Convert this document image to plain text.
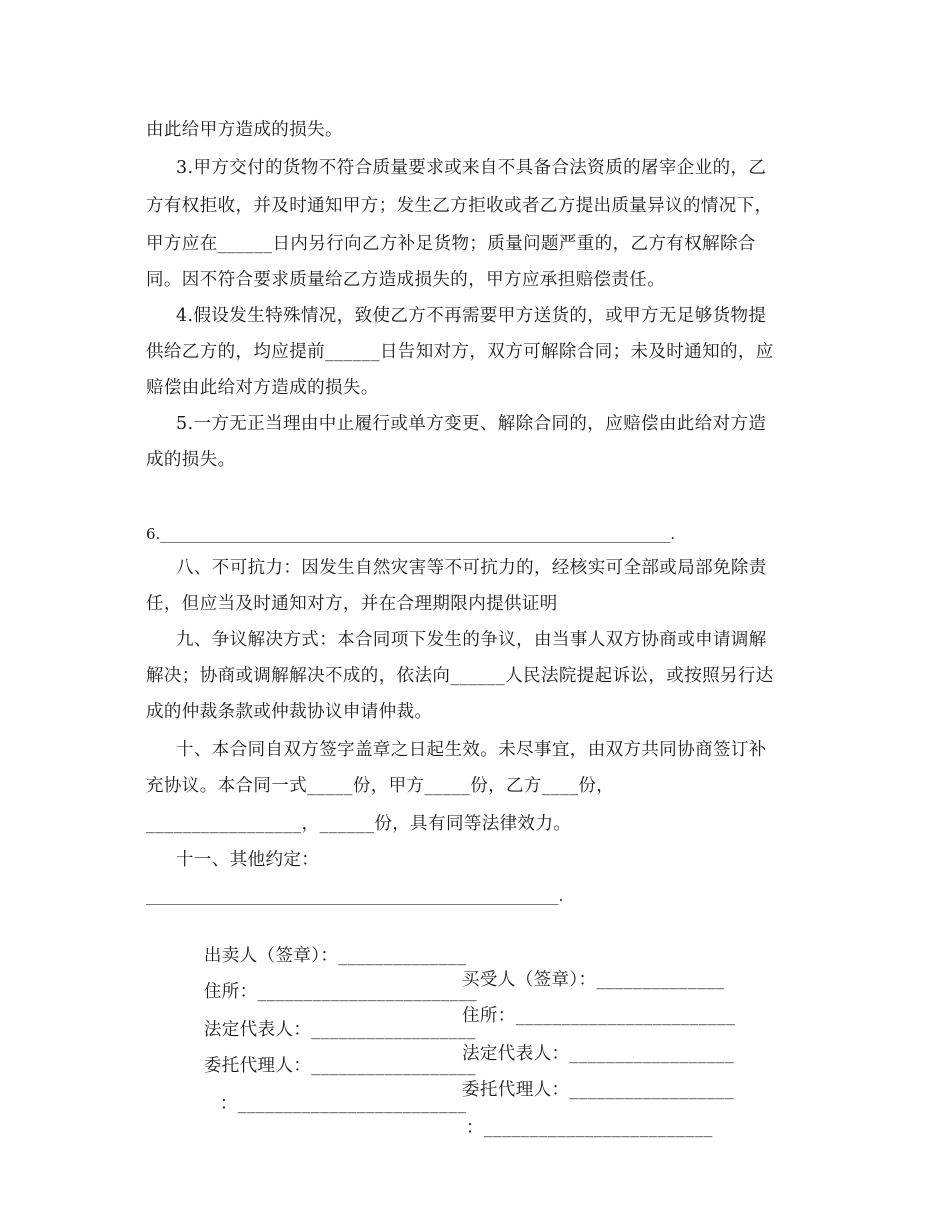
由此给甲方造成的损失。
3.甲方交付的货物不符合质量要求或来自不具备合法资质的屠宰企业的，乙
方有权拒收，并及时通知甲方；发生乙方拒收或者乙方提出质量异议的情况下，
甲方应在______日内另行向乙方补足货物；质量问题严重的，乙方有权解除合
同。因不符合要求质量给乙方造成损失的，甲方应承担赔偿责任。
4.假设发生特殊情况，致使乙方不再需要甲方送货的，或甲方无足够货物提
供给乙方的，均应提前______日告知对方，双方可解除合同；未及时通知的，应
赔偿由此给对方造成的损失。
5.一方无正当理由中止履行或单方变更、解除合同的，应赔偿由此给对方造
成的损失。
6.____________________________________________________________________.
八、不可抗力：因发生自然灾害等不可抗力的，经核实可全部或局部免除责
任，但应当及时通知对方，并在合理期限内提供证明
九、争议解决方式：本合同项下发生的争议，由当事人双方协商或申请调解
解决；协商或调解解决不成的，依法向______人民法院提起诉讼，或按照另行达
成的仲裁条款或仲裁协议申请仲裁。
十、本合同自双方签字盖章之日起生效。未尽事宜，由双方共同协商签订补
充协议。本合同一式_____份，甲方_____份，乙方____份，
_________________，______份，具有同等法律效力。
十一、其他约定：
_______________________________________________________.

出卖人（签章）：______________

买受人（签章）：______________

住所：________________________

住所：________________________

法定代表人：__________________

法定代表人：__________________

委托代理人：__________________

委托代理人：__________________

：_________________________

：_________________________
